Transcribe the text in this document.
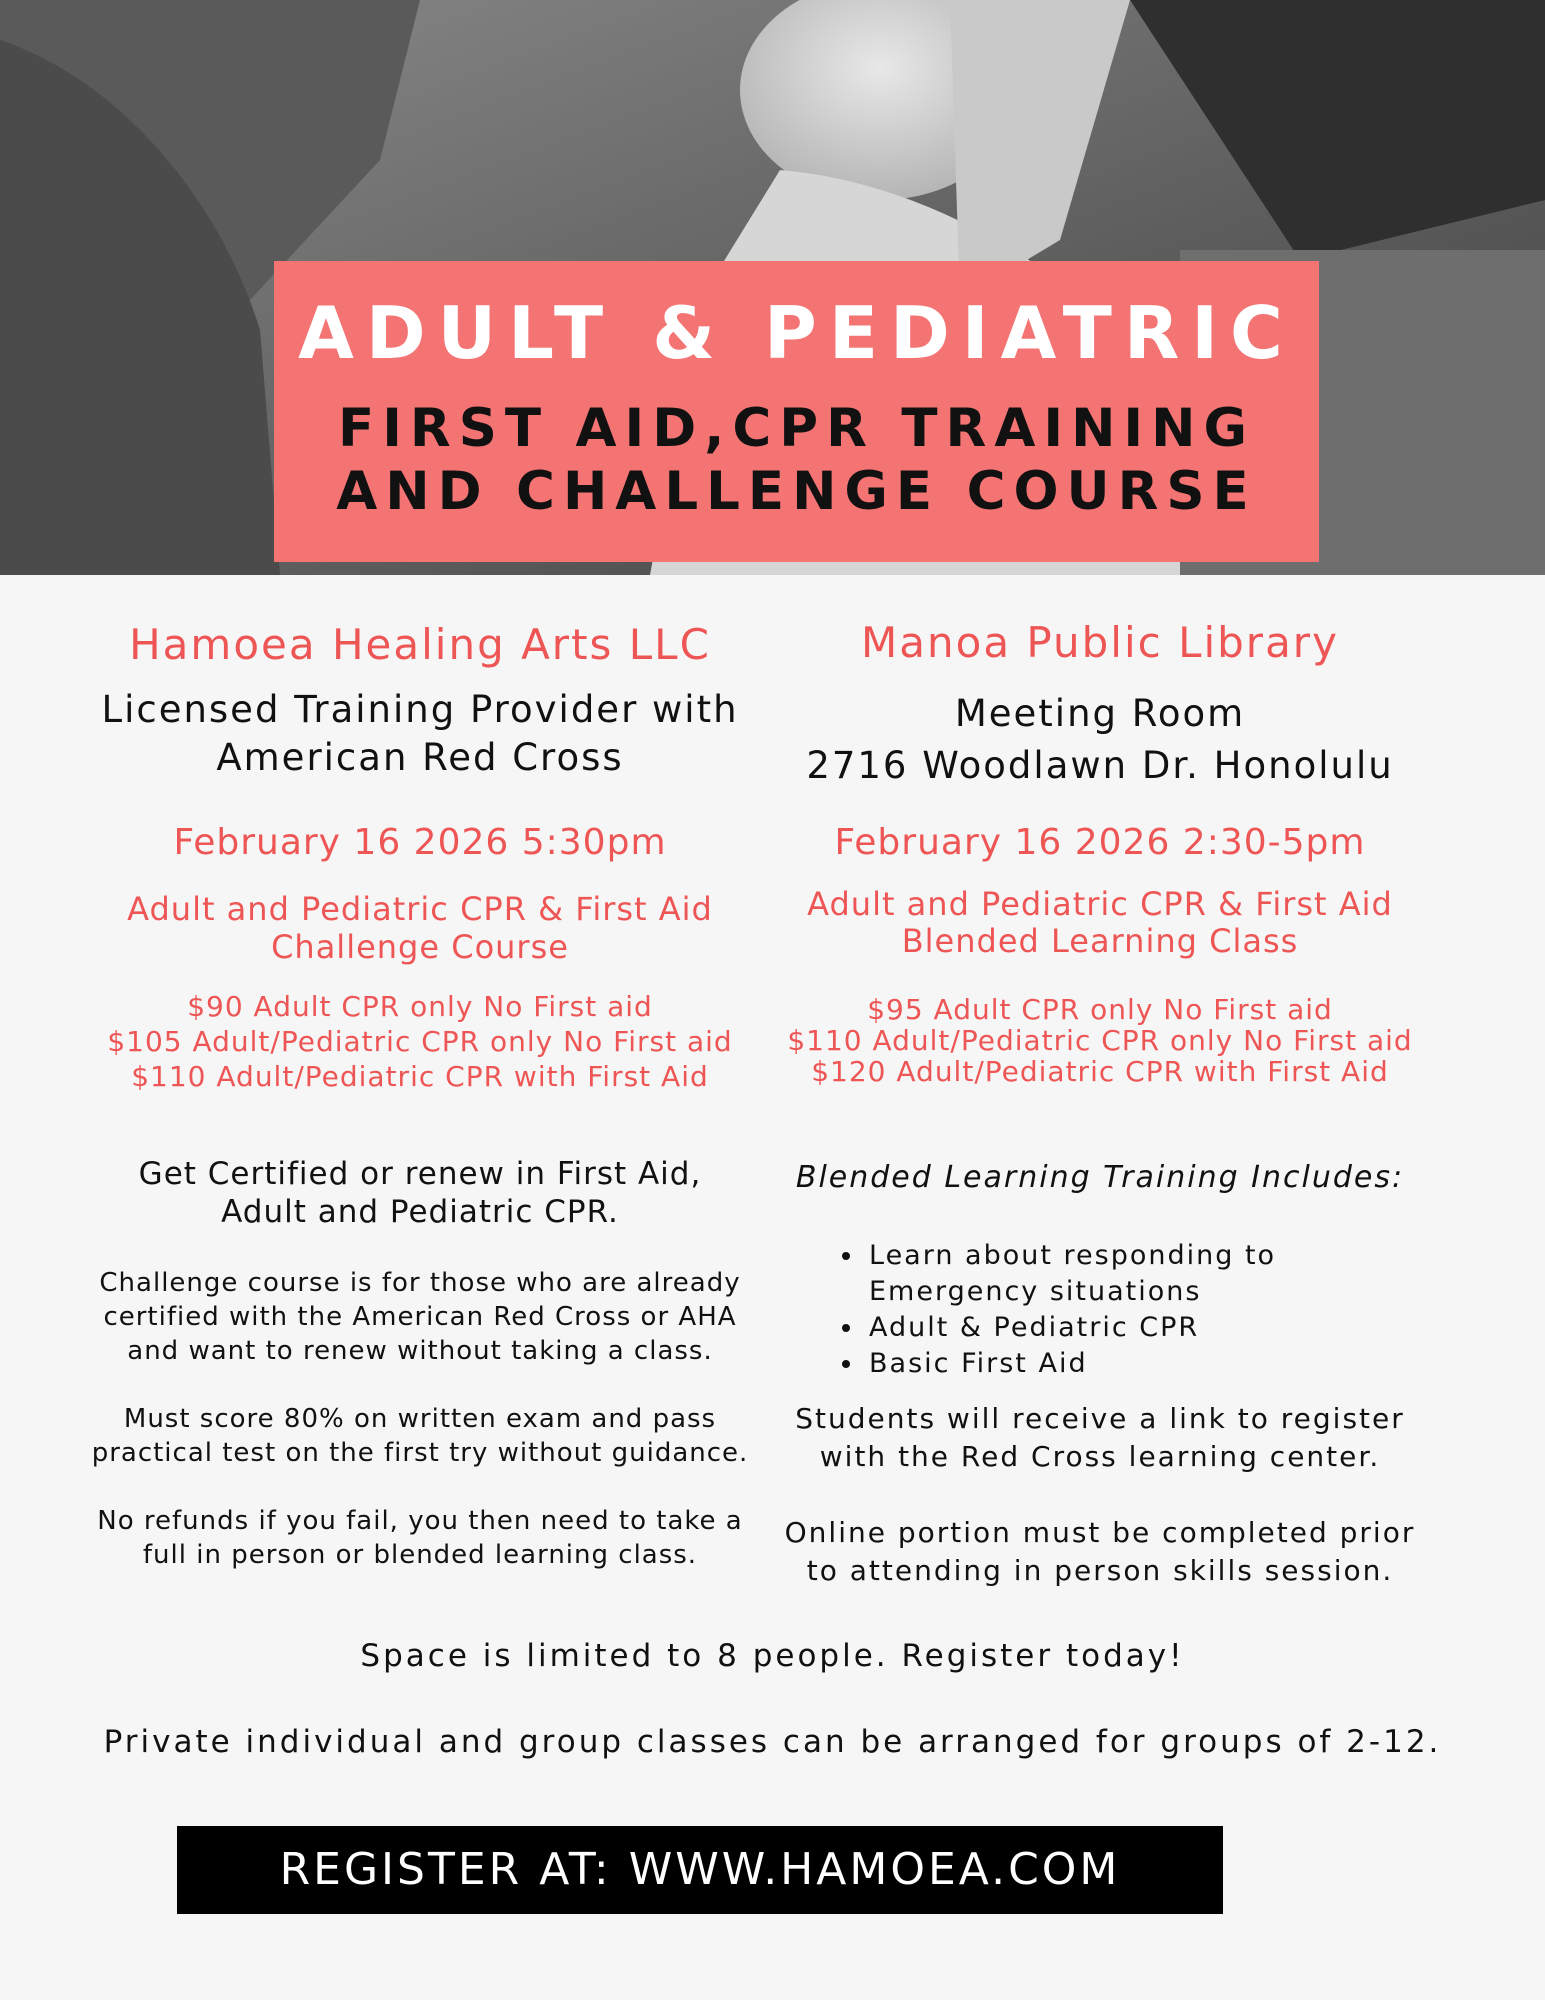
ADULT & PEDIATRIC
FIRST AID,CPR TRAINING
AND CHALLENGE COURSE
Hamoea Healing Arts LLC
Licensed Training Provider with
American Red Cross
February 16 2026 5:30pm
Adult and Pediatric CPR & First Aid
Challenge Course
$90 Adult CPR only No First aid
$105 Adult/Pediatric CPR only No First aid
$110 Adult/Pediatric CPR with First Aid
Get Certified or renew in First Aid,
Adult and Pediatric CPR.
Challenge course is for those who are already
certified with the American Red Cross or AHA
and want to renew without taking a class.
Must score 80% on written exam and pass
practical test on the first try without guidance.
No refunds if you fail, you then need to take a
full in person or blended learning class.
Manoa Public Library
Meeting Room
2716 Woodlawn Dr. Honolulu
February 16 2026 2:30-5pm
Adult and Pediatric CPR & First Aid
Blended Learning Class
$95 Adult CPR only No First aid
$110 Adult/Pediatric CPR only No First aid
$120 Adult/Pediatric CPR with First Aid
Blended Learning Training Includes:
• Learn about responding to Emergency situations
• Adult & Pediatric CPR
• Basic First Aid
Students will receive a link to register
with the Red Cross learning center.
Online portion must be completed prior
to attending in person skills session.
Space is limited to 8 people. Register today!
Private individual and group classes can be arranged for groups of 2-12.
REGISTER AT: WWW.HAMOEA.COM
